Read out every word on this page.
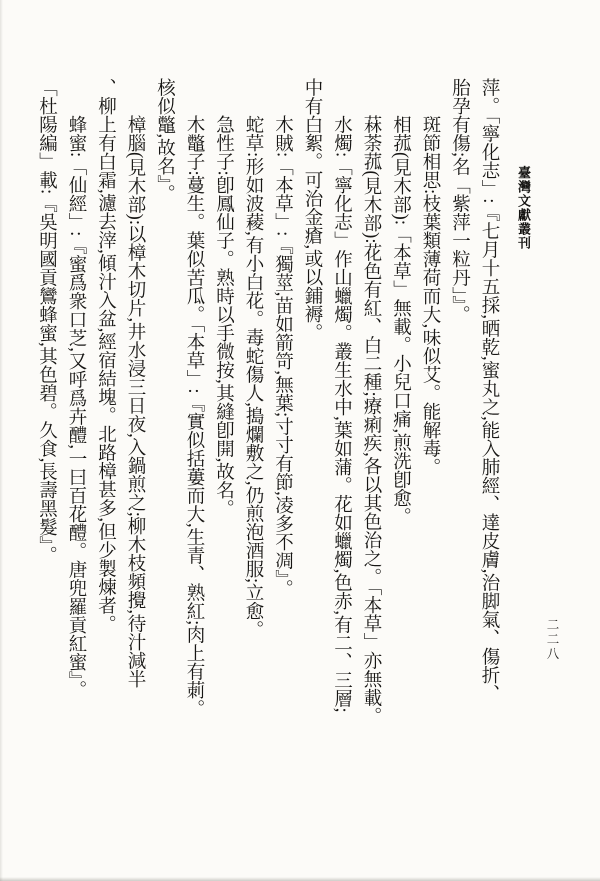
臺灣文獻叢刊
二二八
萍。「寧化志」:『七月十五採,晒乾,蜜丸之,能入肺經、達皮膚,治脚氣、傷折、
胎孕有傷;名「紫萍一粒丹」』。
斑節相思:枝葉類薄荷而大,味似艾。能解毒。
相菰(見木部):「本草」無載。小兒口痛,煎洗卽愈。
菻荼菰(見木部):花色有紅、白二種;療痢疾,各以其色治之。「本草」亦無載。
水燭:「寧化志」作山蠟燭。叢生水中,葉如蒲。花如蠟燭,色赤,有二、三層;
中有白絮。可治金瘡,或以鋪褥。
木賊:「本草」:『獨莖,苗如箭笴,無葉;寸寸有節,凌多不凋』。
蛇草:形如波薐,有小白花。毒蛇傷人,搗爛敷之,仍煎泡酒服;立愈。
急性子:卽鳳仙子。熟時以手微按,其縫卽開,故名。
木鼈子:蔓生。葉似苦瓜。「本草」:『實似括蔞而大,生青、熟紅;肉上有莿。
核似鼈,故名』。
樟腦(見木部):以樟木切片,井水浸三日夜,入鍋煎之;柳木枝頻攪,待汁減半
、柳上有白霜,濾去滓,傾汁入盆,經宿結塊。北路樟甚多,但少製煉者。
蜂蜜:「仙經」:『蜜爲衆口芝,又呼爲卉醴,一曰百花醴。唐兜羅貢紅蜜』。
「杜陽編」載:『吳明國貢鸞蜂蜜,其色碧。久食,長壽黑髮』。
